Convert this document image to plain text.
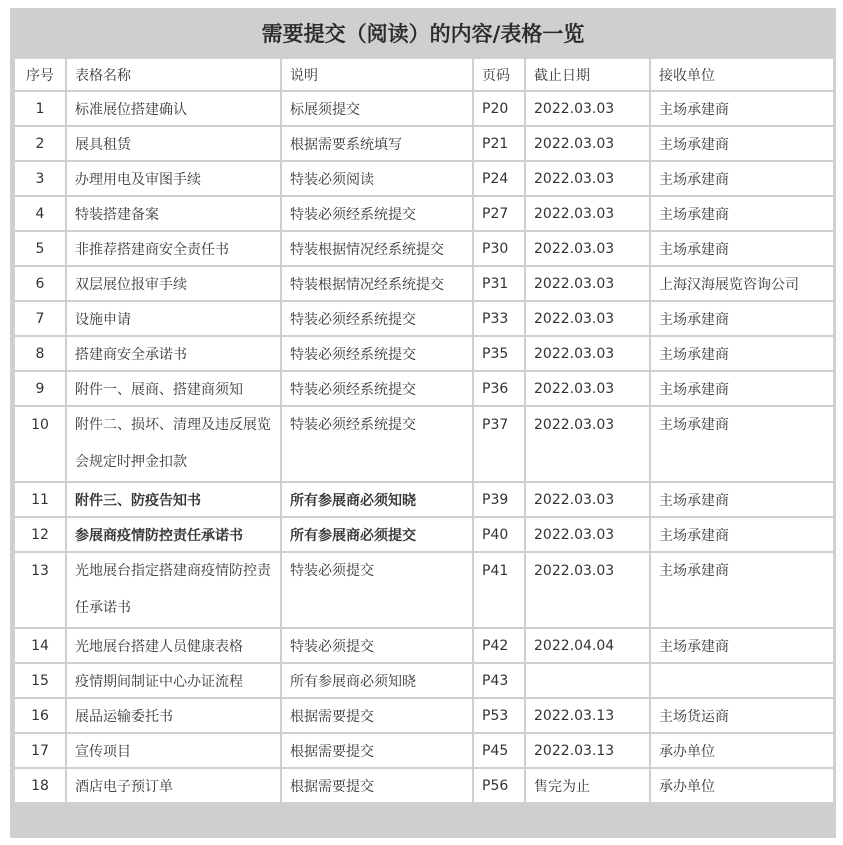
需要提交（阅读）的内容/表格一览
序号	表格名称	说明	页码	截止日期	接收单位
1	标准展位搭建确认	标展须提交	P20	2022.03.03	主场承建商
2	展具租赁	根据需要系统填写	P21	2022.03.03	主场承建商
3	办理用电及审图手续	特装必须阅读	P24	2022.03.03	主场承建商
4	特装搭建备案	特装必须经系统提交	P27	2022.03.03	主场承建商
5	非推荐搭建商安全责任书	特装根据情况经系统提交	P30	2022.03.03	主场承建商
6	双层展位报审手续	特装根据情况经系统提交	P31	2022.03.03	上海汉海展览咨询公司
7	设施申请	特装必须经系统提交	P33	2022.03.03	主场承建商
8	搭建商安全承诺书	特装必须经系统提交	P35	2022.03.03	主场承建商
9	附件一、展商、搭建商须知	特装必须经系统提交	P36	2022.03.03	主场承建商
10	附件二、损坏、清理及违反展览会规定时押金扣款	特装必须经系统提交	P37	2022.03.03	主场承建商
11	附件三、防疫告知书	所有参展商必须知晓	P39	2022.03.03	主场承建商
12	参展商疫情防控责任承诺书	所有参展商必须提交	P40	2022.03.03	主场承建商
13	光地展台指定搭建商疫情防控责任承诺书	特装必须提交	P41	2022.03.03	主场承建商
14	光地展台搭建人员健康表格	特装必须提交	P42	2022.04.04	主场承建商
15	疫情期间制证中心办证流程	所有参展商必须知晓	P43		
16	展品运输委托书	根据需要提交	P53	2022.03.13	主场货运商
17	宣传项目	根据需要提交	P45	2022.03.13	承办单位
18	酒店电子预订单	根据需要提交	P56	售完为止	承办单位
